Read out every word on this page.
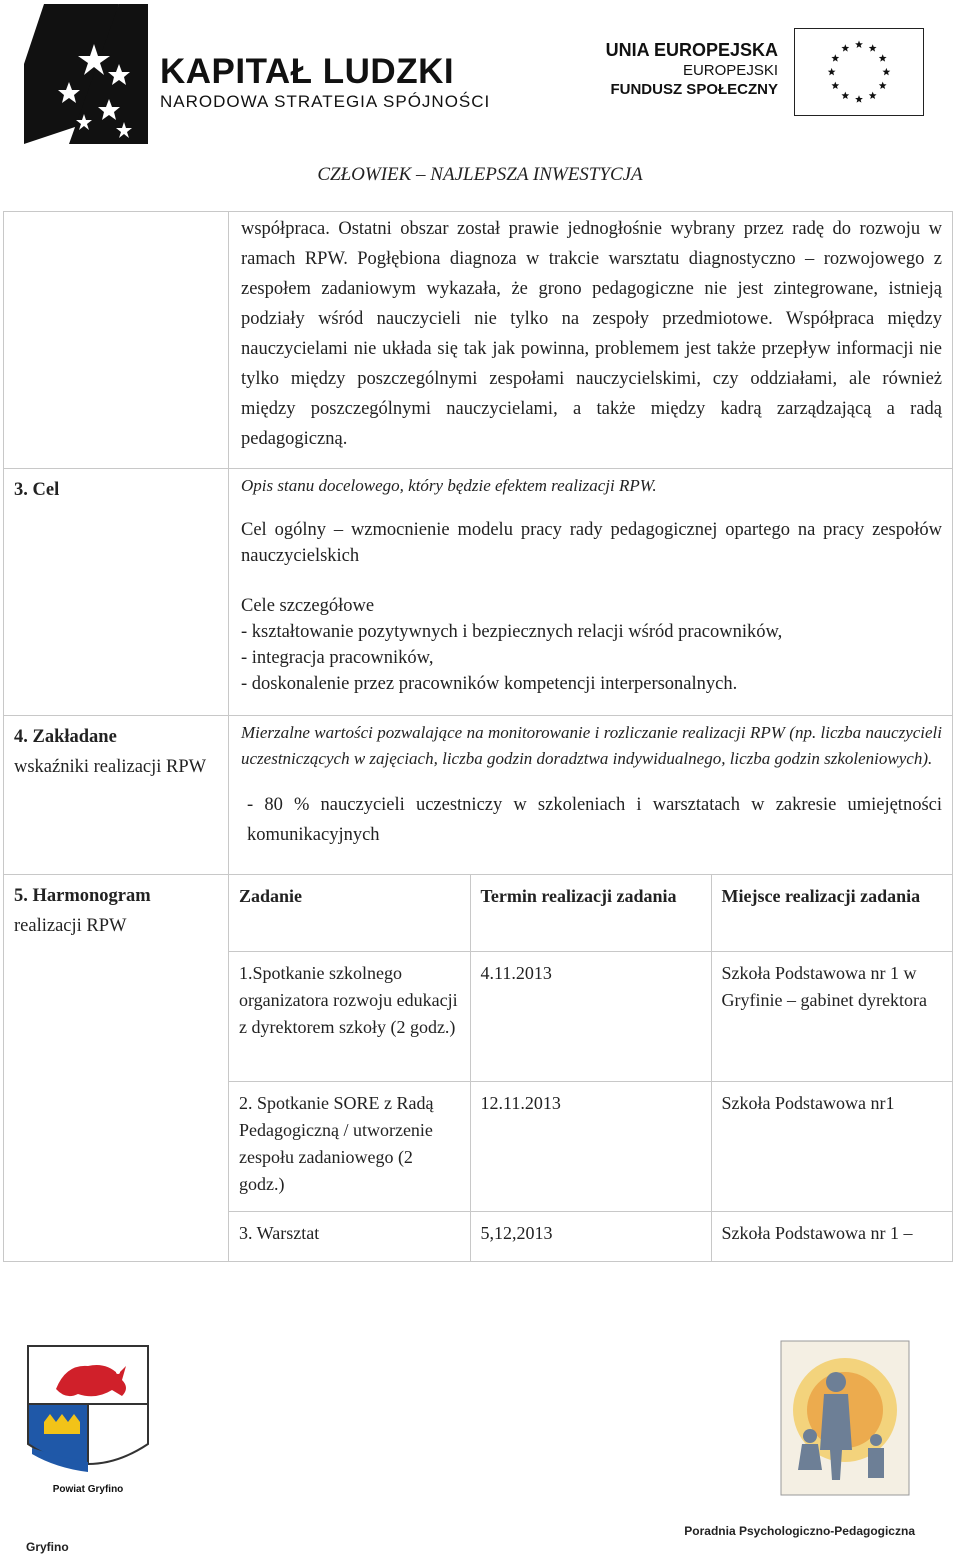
KAPITAŁ LUDZKI
NARODOWA STRATEGIA SPÓJNOŚCI
UNIA EUROPEJSKA
EUROPEJSKI
FUNDUSZ SPOŁECZNY
CZŁOWIEK – NAJLEPSZA INWESTYCJA
	współpraca. Ostatni obszar został prawie jednogłośnie wybrany przez radę do rozwoju w ramach RPW. Pogłębiona diagnoza w trakcie warsztatu diagnostyczno – rozwojowego z zespołem zadaniowym wykazała, że grono pedagogiczne nie jest zintegrowane, istnieją podziały wśród nauczycieli nie tylko na zespoły przedmiotowe. Współpraca między nauczycielami nie układa się tak jak powinna, problemem jest także przepływ informacji nie tylko między poszczególnymi zespołami nauczycielskimi, czy oddziałami, ale również między poszczególnymi nauczycielami, a także między kadrą zarządzającą a radą pedagogiczną.
3. Cel	Opis stanu docelowego, który będzie efektem realizacji RPW.

Cel ogólny – wzmocnienie modelu pracy rady pedagogicznej opartego na pracy zespołów nauczycielskich

Cele szczegółowe

- kształtowanie pozytywnych i bezpiecznych relacji wśród pracowników,
- integracja pracowników,
- doskonalenie przez pracowników kompetencji interpersonalnych.

4. Zakładane
wskaźniki realizacji RPW	
Mierzalne wartości pozwalające na monitorowanie i rozliczanie realizacji RPW (np. liczba nauczycieli uczestniczących w zajęciach, liczba godzin doradztwa indywidualnego, liczba godzin szkoleniowych).

- 80 % nauczycieli uczestniczy w szkoleniach i warsztatach w zakresie umiejętności komunikacyjnych

5. Harmonogram
realizacji RPW	
Zadanie	Termin realizacji zadania	Miejsce realizacji zadania
1.Spotkanie szkolnego organizatora rozwoju edukacji z dyrektorem szkoły (2 godz.)	4.11.2013	Szkoła Podstawowa nr 1 w Gryfinie – gabinet dyrektora
2. Spotkanie SORE z Radą Pedagogiczną / utworzenie zespołu zadaniowego (2 godz.)	12.11.2013	Szkoła Podstawowa nr1
3. Warsztat	5,12,2013	Szkoła Podstawowa nr 1 –
Powiat Gryfino
Gryfino
Poradnia Psychologiczno-Pedagogiczna
